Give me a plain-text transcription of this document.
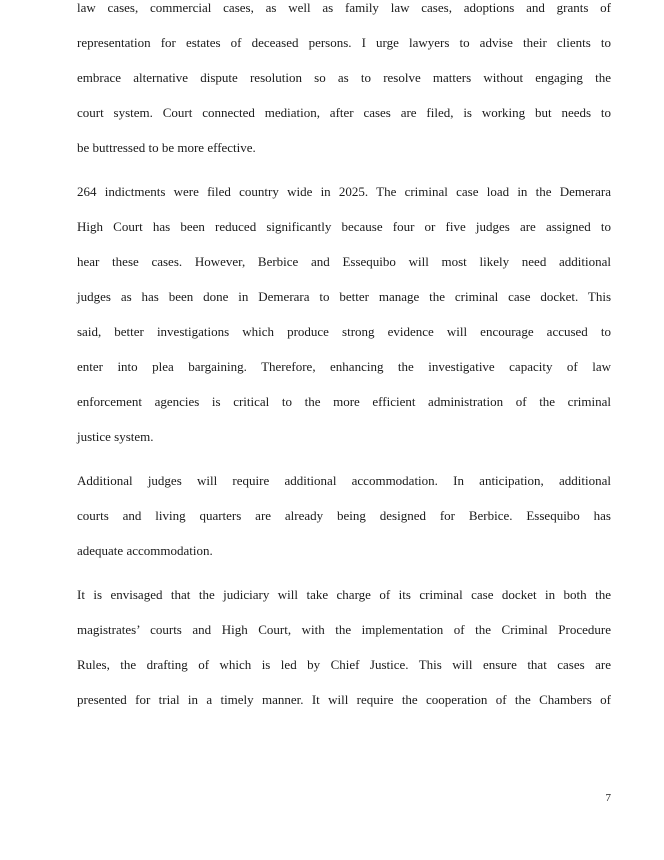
law cases, commercial cases, as well as family law cases, adoptions and grants of
representation for estates of deceased persons. I urge lawyers to advise their clients to
embrace alternative dispute resolution so as to resolve matters without engaging the
court system. Court connected mediation, after cases are filed, is working but needs to
be buttressed to be more effective.
264 indictments were filed country wide in 2025. The criminal case load in the Demerara
High Court has been reduced significantly because four or five judges are assigned to
hear these cases. However, Berbice and Essequibo will most likely need additional
judges as has been done in Demerara to better manage the criminal case docket. This
said, better investigations which produce strong evidence will encourage accused to
enter into plea bargaining. Therefore, enhancing the investigative capacity of law
enforcement agencies is critical to the more efficient administration of the criminal
justice system.
Additional judges will require additional accommodation. In anticipation, additional
courts and living quarters are already being designed for Berbice. Essequibo has
adequate accommodation.
It is envisaged that the judiciary will take charge of its criminal case docket in both the
magistrates’ courts and High Court, with the implementation of the Criminal Procedure
Rules, the drafting of which is led by Chief Justice. This will ensure that cases are
presented for trial in a timely manner. It will require the cooperation of the Chambers of
7
